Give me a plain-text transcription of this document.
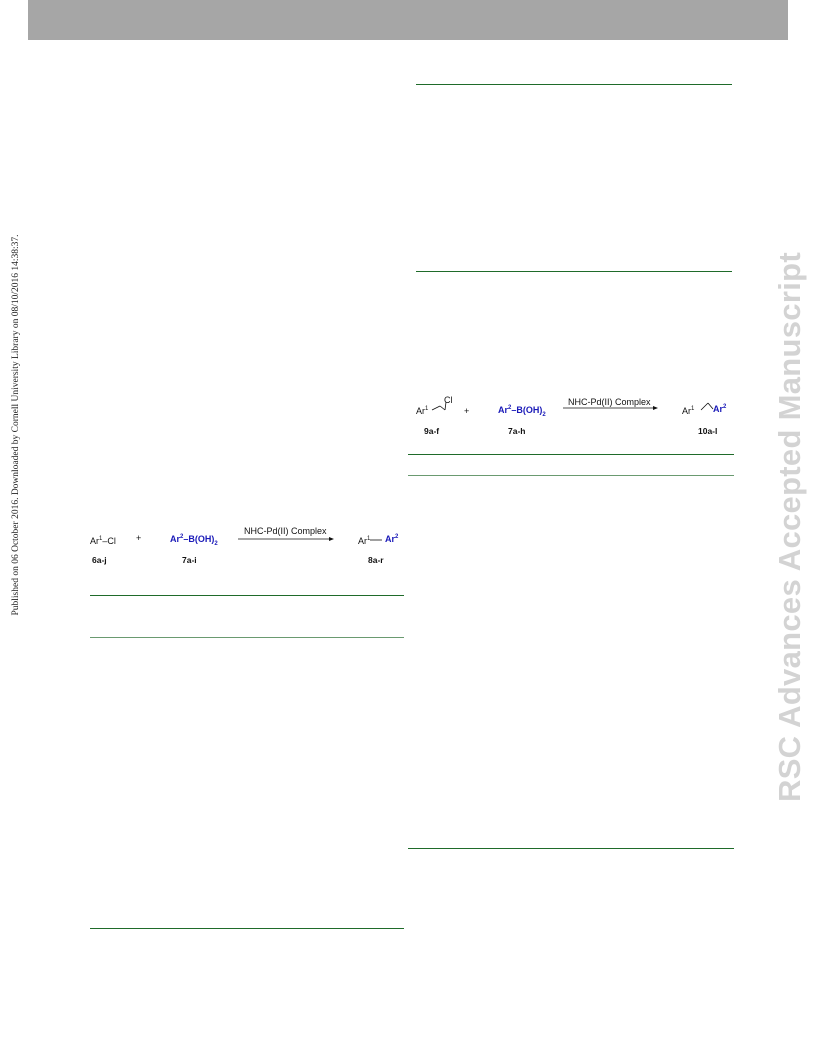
Published on 06 October 2016. Downloaded by Cornell University Library on 08/10/2016 14:38:37.	RSC Advances Accepted Manuscript
Ar$^1$
Cl
+	$Ar^2-B(OH)_2$
NHC-Pd(II) Complex
Ar$^1$ Ar$^2$
9a-f	7a-h	10a-l
$Ar^1-Cl$ +	$Ar^2-B(OH)_2$
NHC-Pd(II) Complex
Ar$^1$ Ar$^2$
6a-j	7a-i	8a-r
